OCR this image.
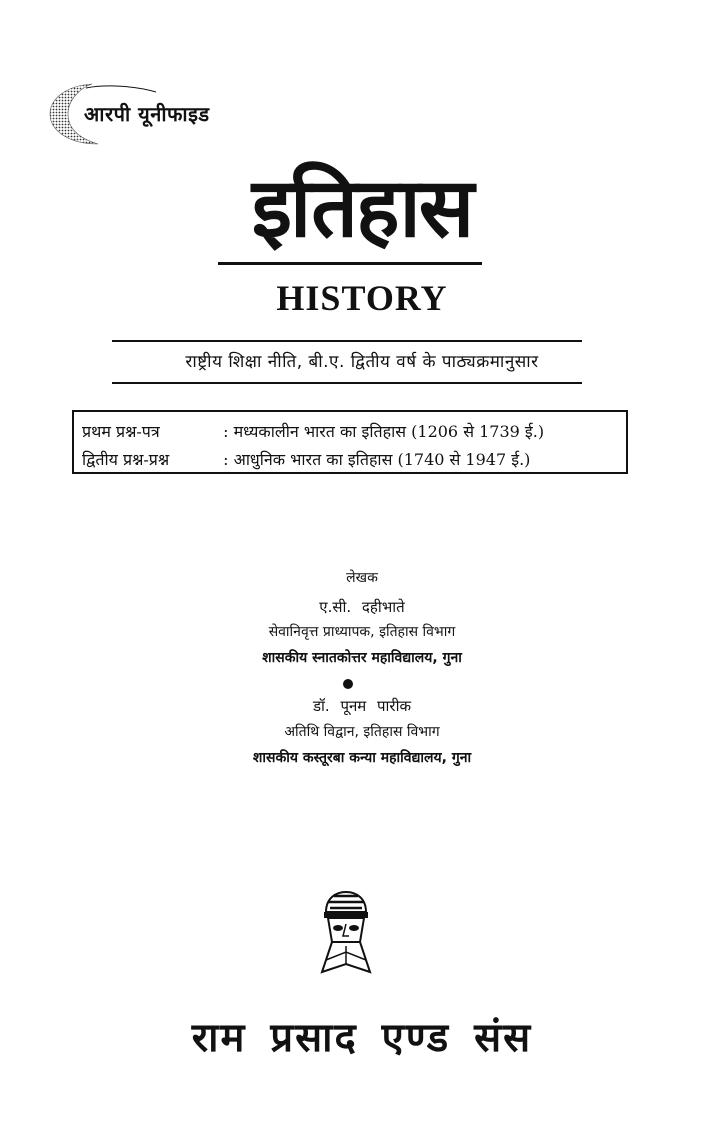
आरपी यूनीफाइड
इतिहास
HISTORY
राष्ट्रीय शिक्षा नीति, बी.ए. द्वितीय वर्ष के पाठ्यक्रमानुसार
प्रथम प्रश्न-पत्र	: मध्यकालीन भारत का इतिहास (1206 से 1739 ई.)
द्वितीय प्रश्न-प्रश्न	: आधुनिक भारत का इतिहास (1740 से 1947 ई.)
लेखक
ए.सी. दहीभाते
सेवानिवृत्त प्राध्यापक, इतिहास विभाग
शासकीय स्नातकोत्तर महाविद्यालय, गुना
डॉ. पूनम पारीक
अतिथि विद्वान, इतिहास विभाग
शासकीय कस्तूरबा कन्या महाविद्यालय, गुना
राम प्रसाद एण्ड संस
